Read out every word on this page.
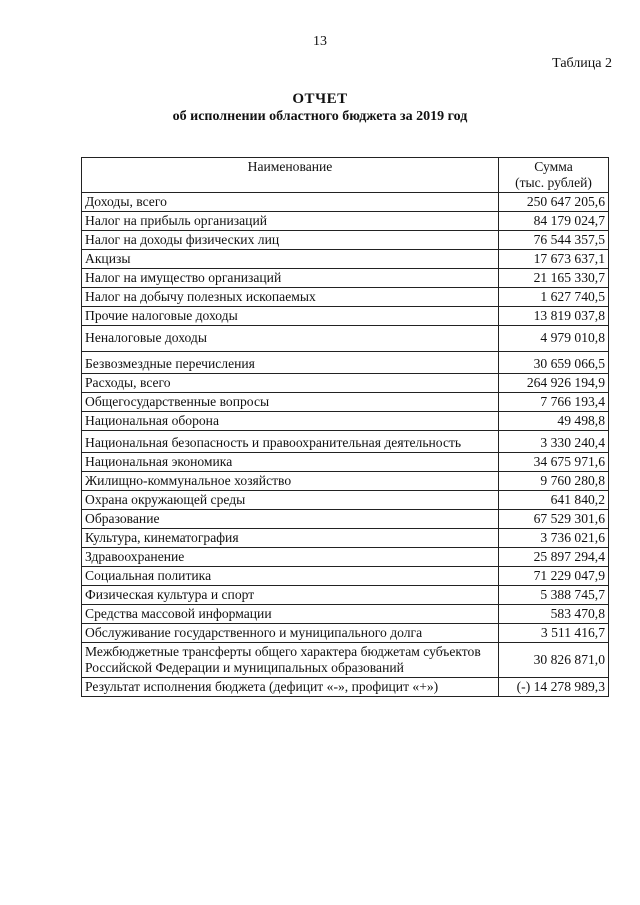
13
Таблица 2
ОТЧЕТ
об исполнении областного бюджета за 2019 год
Наименование	Сумма
(тыс. рублей)

Доходы, всего	250 647 205,6
Налог на прибыль организаций	84 179 024,7
Налог на доходы физических лиц	76 544 357,5
Акцизы	17 673 637,1
Налог на имущество организаций	21 165 330,7
Налог на добычу полезных ископаемых	1 627 740,5
Прочие налоговые доходы	13 819 037,8
Неналоговые доходы	4 979 010,8
Безвозмездные перечисления	30 659 066,5
Расходы, всего	264 926 194,9
Общегосударственные вопросы	7 766 193,4
Национальная оборона	49 498,8
Национальная безопасность и правоохранительная деятельность	3 330 240,4
Национальная экономика	34 675 971,6
Жилищно-коммунальное хозяйство	9 760 280,8
Охрана окружающей среды	641 840,2
Образование	67 529 301,6
Культура, кинематография	3 736 021,6
Здравоохранение	25 897 294,4
Социальная политика	71 229 047,9
Физическая культура и спорт	5 388 745,7
Средства массовой информации	583 470,8
Обслуживание государственного и муниципального долга	3 511 416,7
Межбюджетные трансферты общего характера бюджетам субъектов Российской Федерации и муниципальных образований	30 826 871,0
Результат исполнения бюджета (дефицит «-», профицит «+»)	(-) 14 278 989,3
